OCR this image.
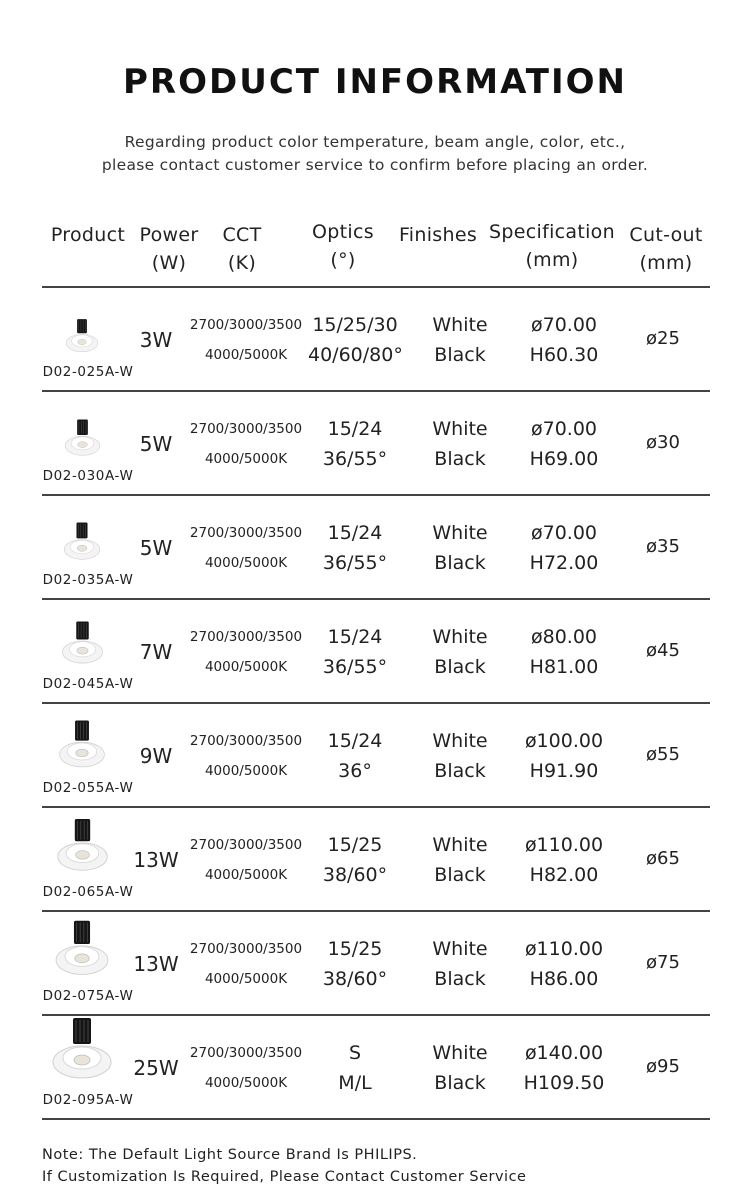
PRODUCT INFORMATION
Regarding product color temperature, beam angle, color, etc.,
please contact customer service to confirm before placing an order.
Product Power
(W)
CCT
(K)
Optics
(°)
Finishes Specification
(mm)
Cut-out
(mm)
D02-025A-W
3W
2700/3000/3500
4000/5000K
15/25/30
40/60/80°
White
Black
ø70.00
H60.30
ø25
D02-030A-W
5W
2700/3000/3500
4000/5000K
15/24
36/55°
White
Black
ø70.00
H69.00
ø30
D02-035A-W
5W
2700/3000/3500
4000/5000K
15/24
36/55°
White
Black
ø70.00
H72.00
ø35
D02-045A-W
7W
2700/3000/3500
4000/5000K
15/24
36/55°
White
Black
ø80.00
H81.00
ø45
D02-055A-W
9W
2700/3000/3500
4000/5000K
15/24
36°
White
Black
ø100.00
H91.90
ø55
D02-065A-W
13W
2700/3000/3500
4000/5000K
15/25
38/60°
White
Black
ø110.00
H82.00
ø65
D02-075A-W
13W
2700/3000/3500
4000/5000K
15/25
38/60°
White
Black
ø110.00
H86.00
ø75
D02-095A-W
25W
2700/3000/3500
4000/5000K
S
M/L
White
Black
ø140.00
H109.50
ø95
Note: The Default Light Source Brand Is PHILIPS.
If Customization Is Required, Please Contact Customer Service
